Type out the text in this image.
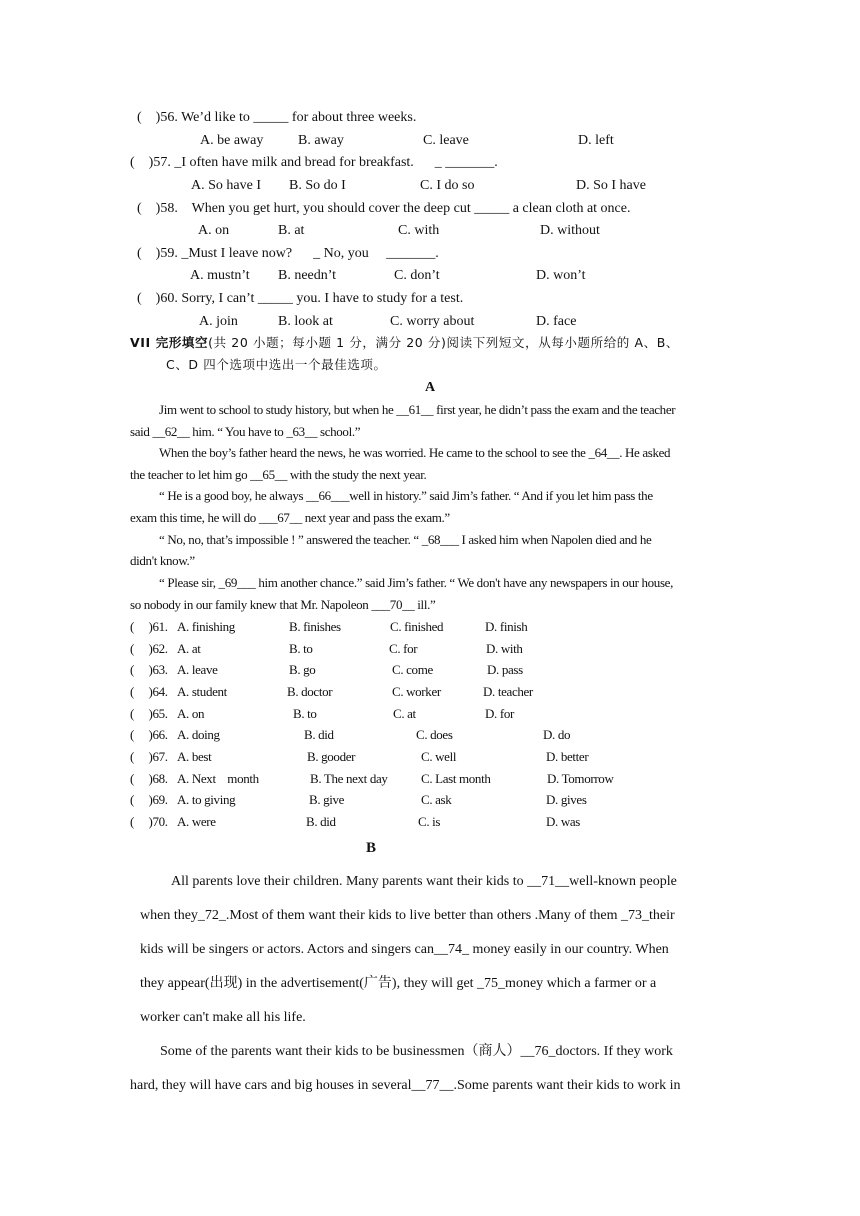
(    )56. We’d like to _____ for about three weeks.
A. be away B. away	C. leave	D. left
(    )57. _I often have milk and bread for breakfast.      _ _______.
A. So have I B. So do I	C. I do so	D. So I have
(    )58.    When you get hurt, you should cover the deep cut _____ a clean cloth at once.
A. on	B. at	C. with	D. without
(    )59. _Must I leave now?      _ No, you     _______.
A. mustn’t B. needn’t	C. don’t	D. won’t
(    )60. Sorry, I can’t _____ you. I have to study for a test.
A. join	B. look at	C. worry about	D. face
VII 完形填空(共 20 小题；每小题 1 分，满分 20 分)阅读下列短文，从每小题所给的 A、B、
C、D 四个选项中选出一个最佳选项。
A
Jim went to school to study history, but when he __61__ first year, he didn’t pass the exam and the teacher
said __62__ him. “ You have to _63__ school.”
When the boy’s father heard the news, he was worried. He came to the school to see the _64__. He asked
the teacher to let him go __65__ with the study the next year.
“ He is a good boy, he always __66___well in history.” said Jim’s father. “ And if you let him pass the
exam this time, he will do ___67__ next year and pass the exam.”
“ No, no, that’s impossible ! ” answered the teacher. “ _68___ I asked him when Napolen died and he
didn't know.”
“ Please sir, _69___ him another chance.” said Jim’s father. “ We don't have any newspapers in our house,
so nobody in our family knew that Mr. Napoleon ___70__ ill.”
(     )61. A. finishing	B. finishes	C. finished	D. finish
(     )62. A. at	B. to	C. for	D. with
(     )63. A. leave	B. go	C. come	D. pass
(     )64. A. student	B. doctor	C. worker	D. teacher
(     )65. A. on	B. to	C. at	D. for
(     )66. A. doing	B. did	C. does	D. do
(     )67. A. best	B. gooder	C. well	D. better
(     )68. A. Next    month	B. The next day	C. Last month	D. Tomorrow
(     )69. A. to giving	B. give	C. ask	D. gives
(     )70. A. were	B. did	C. is	D. was
B
All parents love their children. Many parents want their kids to __71__well-known people
when they_72_.Most of them want their kids to live better than others .Many of them _73_their
kids will be singers or actors. Actors and singers can__74_ money easily in our country. When
they appear(出现) in the advertisement(广告), they will get _75_money which a farmer or a
worker can't make all his life.
Some of the parents want their kids to be businessmen（商人）__76_doctors. If they work
hard, they will have cars and big houses in several__77__.Some parents want their kids to work in
